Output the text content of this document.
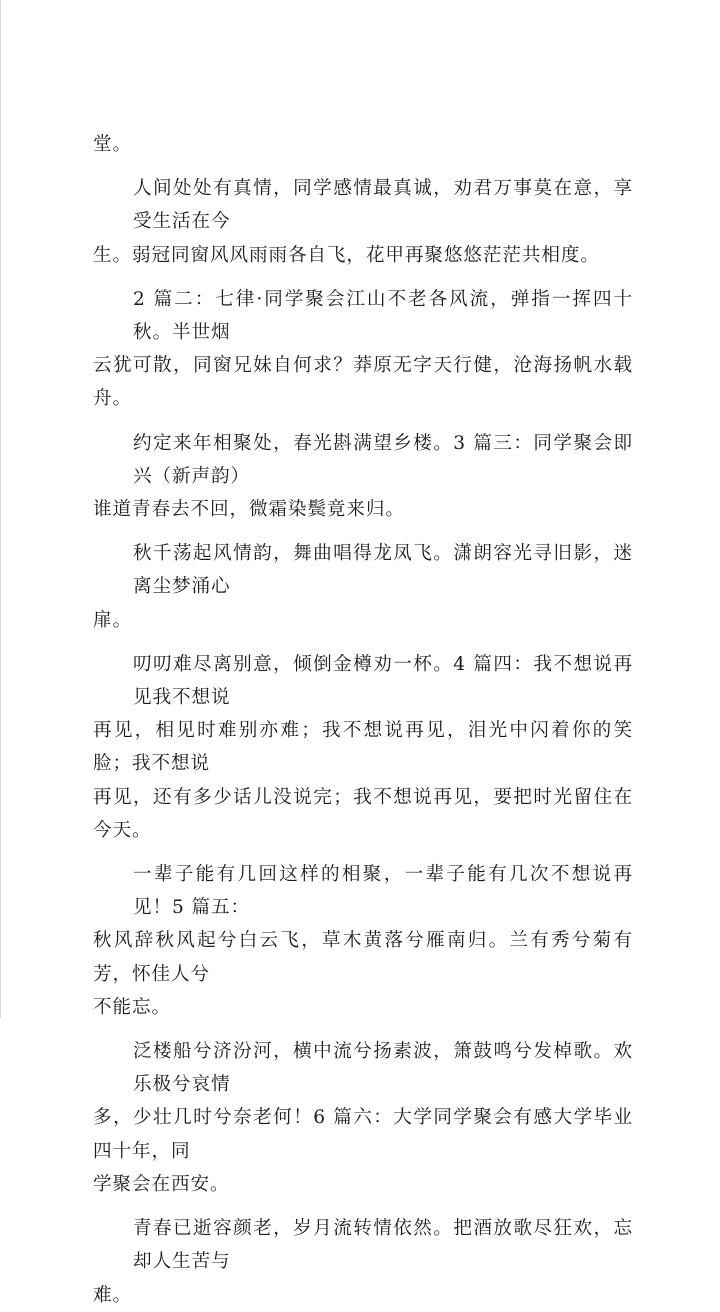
堂。
人间处处有真情，同学感情最真诚，劝君万事莫在意，享受生活在今
生。弱冠同窗风风雨雨各自飞，花甲再聚悠悠茫茫共相度。
2 篇二：七律·同学聚会江山不老各风流，弹指一挥四十秋。半世烟
云犹可散，同窗兄妹自何求？莽原无字天行健，沧海扬帆水载舟。
约定来年相聚处，春光斟满望乡楼。3 篇三：同学聚会即兴（新声韵）
谁道青春去不回，微霜染鬓竟来归。
秋千荡起风情韵，舞曲唱得龙凤飞。潇朗容光寻旧影，迷离尘梦涌心
扉。
叨叨难尽离别意，倾倒金樽劝一杯。4 篇四：我不想说再见我不想说
再见，相见时难别亦难；我不想说再见，泪光中闪着你的笑脸；我不想说
再见，还有多少话儿没说完；我不想说再见，要把时光留住在今天。
一辈子能有几回这样的相聚，一辈子能有几次不想说再见！5 篇五：
秋风辞秋风起兮白云飞，草木黄落兮雁南归。兰有秀兮菊有芳，怀佳人兮
不能忘。
泛楼船兮济汾河，横中流兮扬素波，箫鼓鸣兮发棹歌。欢乐极兮哀情
多，少壮几时兮奈老何！6 篇六：大学同学聚会有感大学毕业四十年，同
学聚会在西安。
青春已逝容颜老，岁月流转情依然。把酒放歌尽狂欢，忘却人生苦与
难。
